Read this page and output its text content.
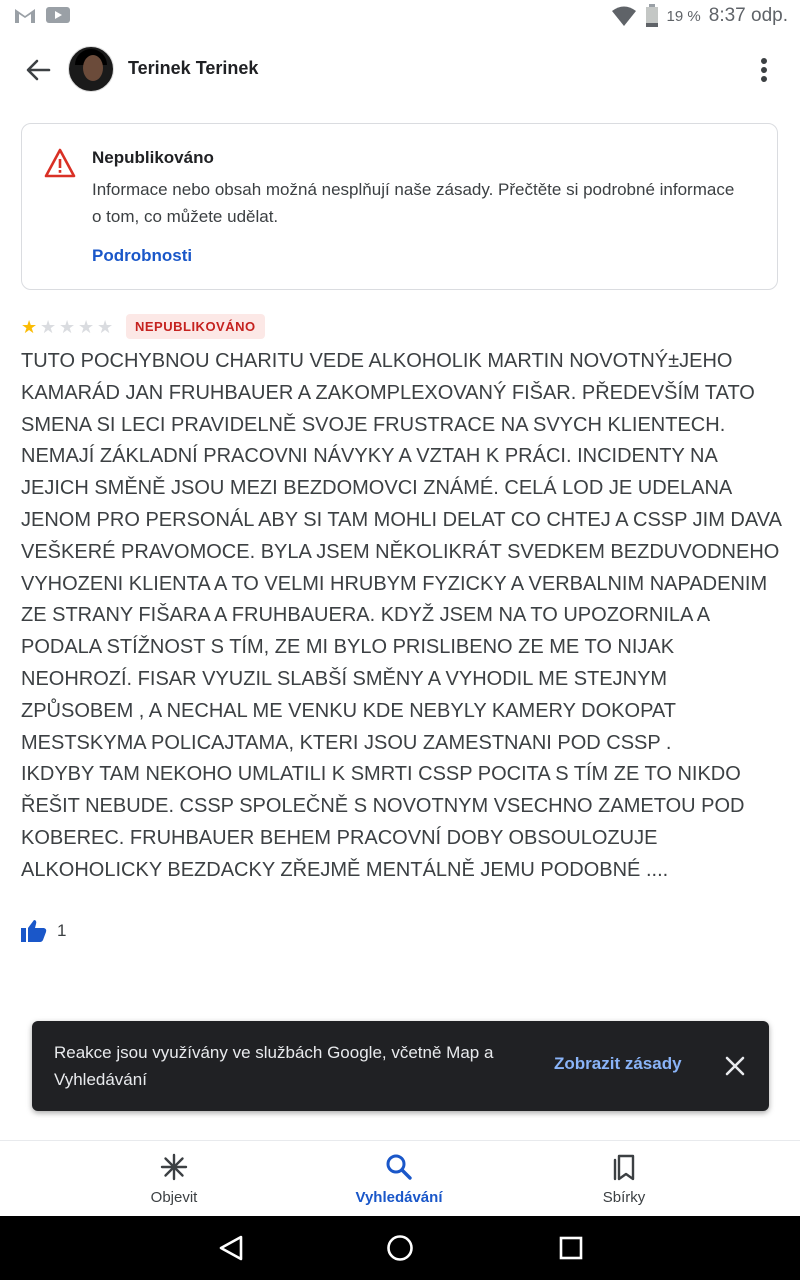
19 % 8:37 odp.
Terinek Terinek
Nepublikováno
Informace nebo obsah možná nesplňují naše zásady. Přečtěte si podrobné informace o tom, co můžete udělat.
Podrobnosti
★ ★ ★ ★ ★	NEPUBLIKOVÁNO
TUTO POCHYBNOU CHARITU VEDE ALKOHOLIK MARTIN NOVOTNÝ±JEHO KAMARÁD JAN FRUHBAUER A ZAKOMPLEXOVANÝ FIŠAR. PŘEDEVŠÍM TATO SMENA SI LECI PRAVIDELNĚ SVOJE FRUSTRACE NA SVYCH KLIENTECH. NEMAJÍ ZÁKLADNÍ PRACOVNI NÁVYKY A VZTAH K PRÁCI. INCIDENTY NA JEJICH SMĚNĚ JSOU MEZI BEZDOMOVCI ZNÁMÉ. CELÁ LOD JE UDELANA JENOM PRO PERSONÁL ABY SI TAM MOHLI DELAT CO CHTEJ A CSSP JIM DAVA VEŠKERÉ PRAVOMOCE. BYLA JSEM NĚKOLIKRÁT SVEDKEM BEZDUVODNEHO VYHOZENI KLIENTA A TO VELMI HRUBYM FYZICKY A VERBALNIM NAPADENIM ZE STRANY FIŠARA A FRUHBAUERA. KDYŽ JSEM NA TO UPOZORNILA A PODALA STÍŽNOST S TÍM, ZE MI BYLO PRISLIBENO ZE ME TO NIJAK NEOHROZÍ. FISAR VYUZIL SLABŠÍ SMĚNY A VYHODIL ME STEJNYM ZPŮSOBEM , A NECHAL ME VENKU KDE NEBYLY KAMERY DOKOPAT MESTSKYMA POLICAJTAMA, KTERI JSOU ZAMESTNANI POD CSSP .
IKDYBY TAM NEKOHO UMLATILI K SMRTI CSSP POCITA S TÍM ZE TO NIKDO ŘEŠIT NEBUDE. CSSP SPOLEČNĚ S NOVOTNYM VSECHNO ZAMETOU POD KOBEREC. FRUHBAUER BEHEM PRACOVNÍ DOBY OBSOULOZUJE ALKOHOLICKY BEZDACKY ZŘEJMĚ MENTÁLNĚ JEMU PODOBNÉ ....
1
Reakce jsou využívány ve službách Google, včetně Map a Vyhledávání
Zobrazit zásady
Objevit	Vyhledávání	Sbírky
